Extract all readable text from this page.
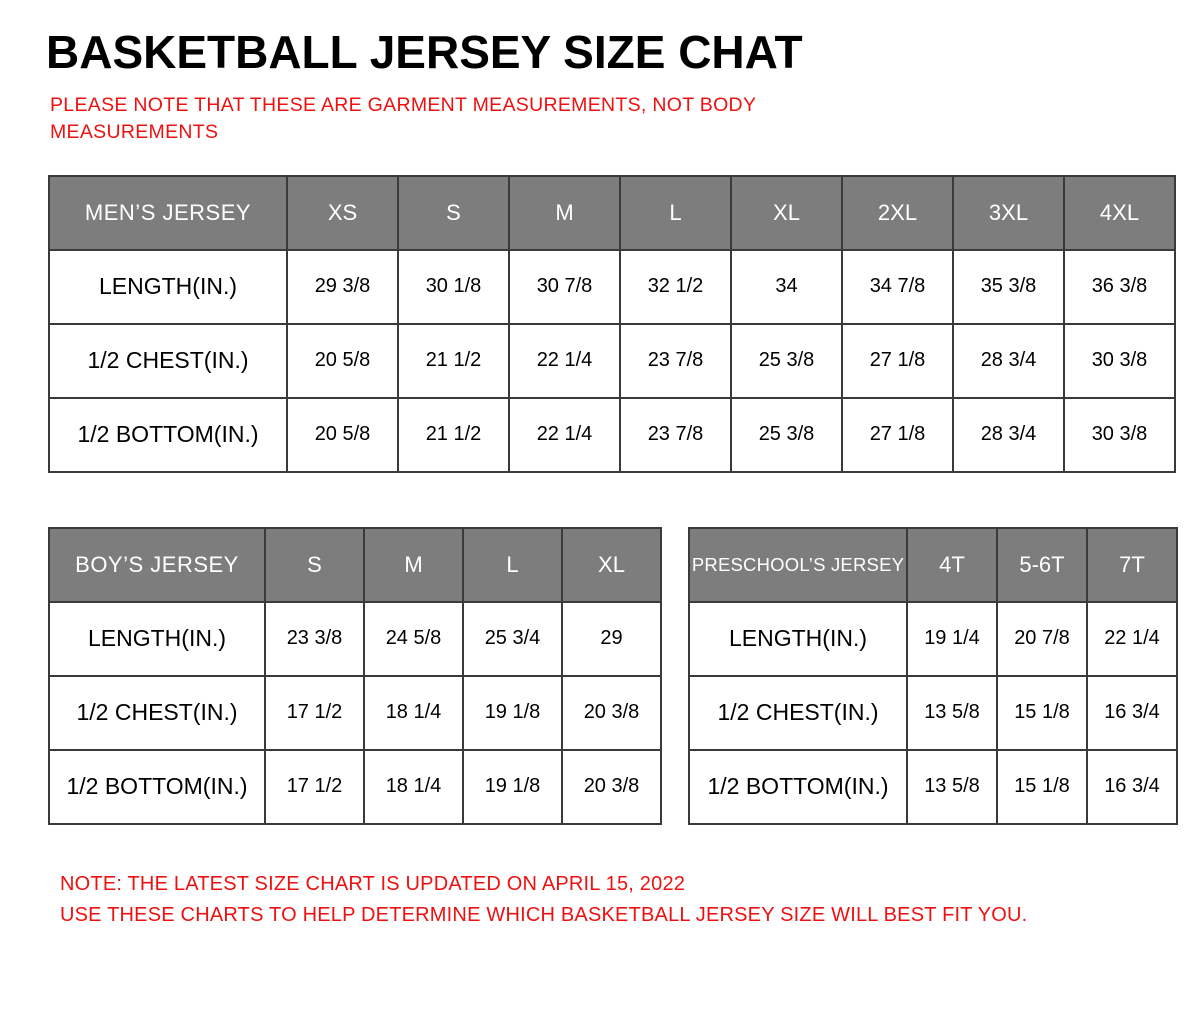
BASKETBALL JERSEY SIZE CHAT
PLEASE NOTE THAT THESE ARE GARMENT MEASUREMENTS, NOT BODY MEASUREMENTS
MEN’S JERSEY	XS	S	M	L	XL	2XL	3XL	4XL
LENGTH(IN.)	29 3/8	30 1/8	30 7/8	32 1/2	34	34 7/8	35 3/8	36 3/8
1/2 CHEST(IN.)	20 5/8	21 1/2	22 1/4	23 7/8	25 3/8	27 1/8	28 3/4	30 3/8
1/2 BOTTOM(IN.)	20 5/8	21 1/2	22 1/4	23 7/8	25 3/8	27 1/8	28 3/4	30 3/8
BOY’S JERSEY	S	M	L	XL
LENGTH(IN.)	23 3/8	24 5/8	25 3/4	29
1/2 CHEST(IN.)	17 1/2	18 1/4	19 1/8	20 3/8
1/2 BOTTOM(IN.)	17 1/2	18 1/4	19 1/8	20 3/8
PRESCHOOL’S JERSEY	4T	5-6T	7T
LENGTH(IN.)	19 1/4	20 7/8	22 1/4
1/2 CHEST(IN.)	13 5/8	15 1/8	16 3/4
1/2 BOTTOM(IN.)	13 5/8	15 1/8	16 3/4
NOTE: THE LATEST SIZE CHART IS UPDATED ON APRIL 15, 2022
USE THESE CHARTS TO HELP DETERMINE WHICH BASKETBALL JERSEY SIZE WILL BEST FIT YOU.
